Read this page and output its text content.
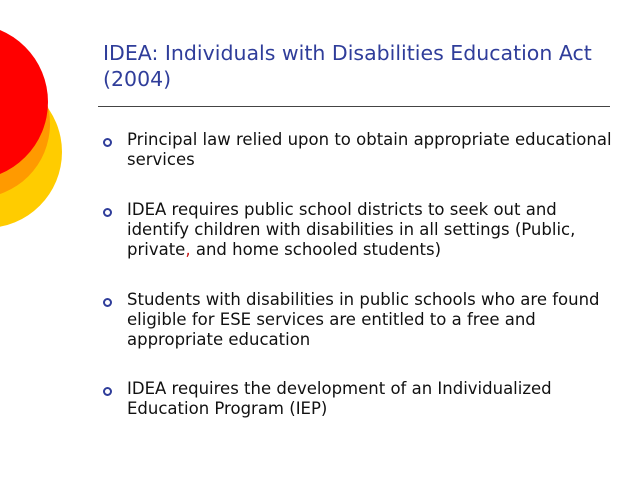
IDEA: Individuals with Disabilities Education Act (2004)
Principal law relied upon to obtain appropriate educational services
IDEA requires public school districts to seek out and identify children with disabilities in all settings (Public, private, and home schooled students)
Students with disabilities in public schools who are found eligible for ESE services are entitled to a free and appropriate education
IDEA requires the development of an Individualized Education Program (IEP)
